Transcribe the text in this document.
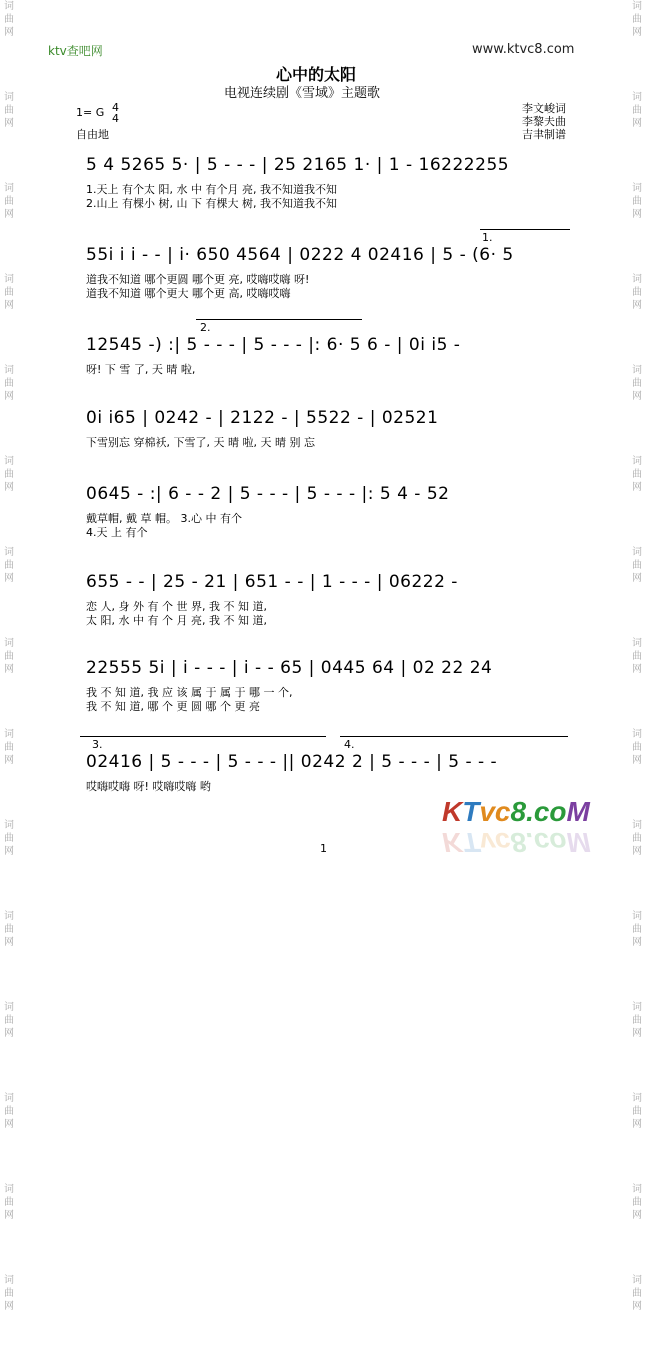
词
曲
网
词
曲
网
词
曲
网
词
曲
网
词
曲
网
词
曲
网
词
曲
网
词
曲
网
词
曲
网
词
曲
网
词
曲
网
词
曲
网
词
曲
网
词
曲
网
词
曲
网
词
曲
网
词
曲
网
词
曲
网
词
曲
网
词
曲
网
词
曲
网
词
曲
网
词
曲
网
词
曲
网
词
曲
网
词
曲
网
词
曲
网
词
曲
网
词
曲
网
词
曲
网
ktv查吧网	www.ktvc8.com
心中的太阳
电视连续剧《雪域》主题歌
1= G 4
4
自由地
李文峻词
李黎夫曲
吉聿制谱
5 4 5265 5· | 5 - - - | 25 2165 1· | 1 - 16222255
1.天上 有个太 阳, 水 中 有个月 亮, 我不知道我不知
2.山上 有棵小 树, 山 下 有棵大 树, 我不知道我不知
55i i i - - | i· 650 4564 | 0222 4 02416 | 5 - (6· 5
道我不知道 哪个更圆 哪个更 亮, 哎嗨哎嗨 呀!
道我不知道 哪个更大 哪个更 高, 哎嗨哎嗨
1.
12545 -) :| 5 - - - | 5 - - - |: 6· 5 6 - | 0i i5 -
呀! 下 雪 了, 天 晴 啦,
2.
0i i65 | 0242 - | 2122 - | 5522 - | 02521
下雪别忘 穿棉袄, 下雪了, 天 晴 啦, 天 晴 别 忘
0645 - :| 6 - - 2 | 5 - - - | 5 - - - |: 5 4 - 52
戴草帽, 戴 草 帽。 3.心 中 有个
4.天 上 有个
655 - - | 25 - 21 | 651 - - | 1 - - - | 06222 -
恋 人, 身 外 有 个 世 界, 我 不 知 道,
太 阳, 水 中 有 个 月 亮, 我 不 知 道,
22555 5i | i - - - | i - - 65 | 0445 64 | 02 22 24
我 不 知 道, 我 应 该 属 于 属 于 哪 一 个,
我 不 知 道, 哪 个 更 圆 哪 个 更 亮
02416 | 5 - - - | 5 - - - || 0242 2 | 5 - - - | 5 - - -
哎嗨哎嗨 呀! 哎嗨哎嗨 哟
3.	4.
1
KTvc8.coM
KTvc8.coM
